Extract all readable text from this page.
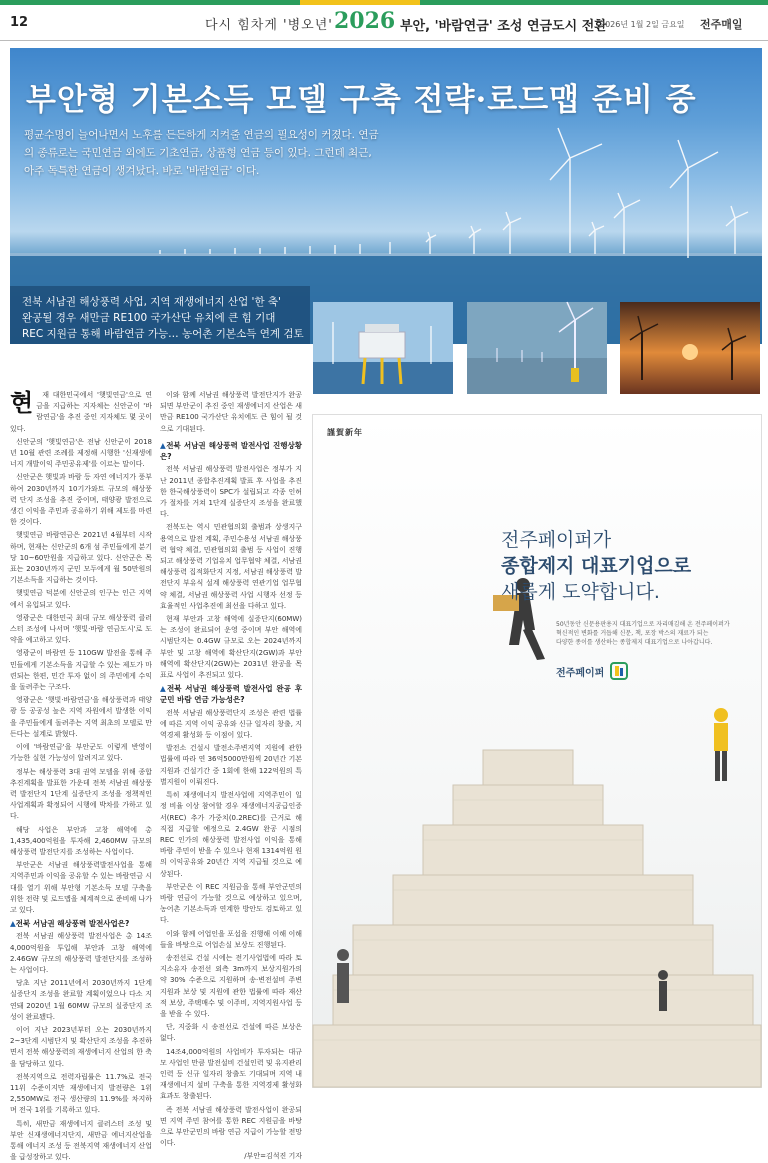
12	다시 힘차게 '병오년' 2026 부안, '바람연금' 조성 연금도시 전환
2026년 1월 2일 금요일 전주매일
부안형 기본소득 모델 구축 전략·로드맵 준비 중

평균수명이 늘어나면서 노후를 든든하게 지켜줄 연금의 필요성이 커졌다. 연금의 종류로는 국민연금 외에도 기초연금, 상품형 연금 등이 있다. 그런데 최근, 아주 독특한 연금이 생겨났다. 바로 '바람연금' 이다.

전북 서남권 해상풍력 사업, 지역 재생에너지 산업 '한 축'
완공될 경우 새만금 RE100 국가산단 유치에 큰 힘 기대
REC 지원금 통해 바람연금 가능… 농어촌 기본소득 연계 검토
현	재 대한민국에서 '햇빛연금'으로 연금을 지급하는 지자체는 신안군이 '바람연금'을 추진 중인 지자체도 몇 곳이 있다.

신안군의 '햇빛연금'은 전남 신안군이 2018년 10월 관련 조례를 제정해 시행한 '신재생에너지 개발이익 주민공유제'를 이르는 말이다.

신안군은 햇빛과 바람 등 자연 에너지가 풍부하여 2030년까지 10기가와트 규모의 해상풍력 단지 조성을 추진 중이며, 태양광 발전으로 생긴 이익을 주민과 공유하기 위해 제도를 마련한 것이다.

햇빛연금 바람연금은 2021년 4월부터 시작하며, 현재는 신안군의 6개 섬 주민들에게 분기당 10~60만원을 지급하고 있다. 신안군은 목표는 2030년까지 군민 모두에게 월 50만원의 기본소득을 지급하는 것이다.

햇빛연금 덕분에 신안군의 인구는 인근 지역에서 유입되고 있다.

영광군은 대한민국 최대 규모 해상풍력 클러스터 조성에 나서며 '햇빛·바람 연금도시'로 도약을 예고하고 있다.

영광군이 바람연 등 110GW 발전을 통해 주민들에게 기본소득을 지급할 수 있는 제도가 마련되는 한편, 민간 투자 없이 의 주민에게 수익을 돌려주는 구조다.

영광군은 '햇빛·바람연금'을 해상풍력과 태양광 등 공공성 높은 지역 자원에서 발생한 이익을 주민들에게 돌려주는 지역 최초의 모델로 만든다는 설계로 밝혔다.

이에 '바람연금'을 부안군도 이렇게 반영이 가능한 실현 가능성이 알려지고 있다.

정부는 해상풍력 3대 권역 모델을 위해 종합추진계획을 발표한 가운데 전북 서남권 해상풍력 발전단지 1단계 실증단지 조성을 정책적인 사업계획과 확정되어 시행에 박차를 가하고 있다.

해당 사업은 부안과 고창 해역에 총 1,435,400억원을 투자해 2,460MW 규모의 해상풍력 발전단지를 조성하는 사업이다.

부안군은 서남권 해상풍력발전사업을 통해 지역주민과 이익을 공유할 수 있는 바람연금 시대를 열기 위해 부안형 기본소득 모델 구축을 위한 전략 및 로드맵을 체계적으로 준비해 나가고 있다.

▲전북 서남권 해상풍력 발전사업은?

전북 서남권 해상풍력 발전사업은 총 14조 4,000억원을 투입해 부안과 고창 해역에 2.46GW 규모의 해상풍력 발전단지를 조성하는 사업이다.

당초 지난 2011년에서 2030년까지 1단계 실증단지 조성을 완료할 계획이었으나 다소 지연돼 2020년 1월 60MW 규모의 실증단지 조성이 완료됐다.

이어 지난 2023년부터 오는 2030년까지 2~3단계 시범단지 및 확산단지 조성을 추진하면서 전북 해상풍력의 재생에너지 산업의 한 축을 담당하고 있다.

전북지역으로 전력자립률은 11.7%로 전국 11위 수준이지만 재생에너지 발전량은 1위 2,550MW로 전국 생산량의 11.9%를 차지하며 전국 1위를 기록하고 있다.

특히, 새만금 재생에너지 클러스터 조성 및 부안 신재생에너지단지, 새만금 에너지산업을 통해 에너지 조성 등 전북지역 재생에너지 산업을 급성장하고 있다.

이와 함께 서남권 해상풍력 발전단지가 완공되면 부안군이 추진 중인 재생에너지 산업은 새만금 RE100 국가산단 유치에도 큰 힘이 될 것으로 기대된다.

▲전북 서남권 해상풍력 발전사업 진행상황은?

전북 서남권 해상풍력 발전사업은 정부가 지난 2011년 종합추진계획 발표 후 사업을 추진한 한국해상풍력이 SPC가 설립되고 각종 인허가 절차를 거쳐 1단계 실증단지 조성을 완료했다.

전북도는 역시 민관협의회 출범과 상생지구 용역으로 발전 계획, 주민수용성 서남권 해상풍력 협약 체결, 민관협의회 출범 등 사업이 진행되고 해상풍력 기업유치 업무협약 체결, 서남권 해상풍력 집적화단지 지정, 서남권 해상풍력 발전단지 부유식 설계 해상풍력 연관기업 업무협약 체결, 서남권 해상풍력 사업 시행자 선정 등 효율적인 사업추진에 최선을 다하고 있다.

현재 부안과 고창 해역에 실증단지(60MW)는 조성이 완료되어 운영 중이며 부안 해역에 시범단지는 0.4GW 규모로 오는 2024년까지 부안 및 고창 해역에 확산단지(2GW)과 부안 해역에 확산단지(2GW)는 2031년 완공을 목표로 사업이 추진되고 있다.

▲전북 서남권 해상풍력 발전사업 완공 후 군민 바람 연금 가능성은?

전북 서남권 해상풍력단지 조성은 관련 법률에 따른 지역 이익 공유와 신규 일자리 창출, 지역경제 활성화 등 이점이 있다.

발전소 건설시 발전소주변지역 지원에 관한 법률에 따라 연 36억5000만원씩 20년간 기본지원과 건설기간 중 1회에 한해 122억원의 특별지원이 이뤄진다.

특히 재생에너지 발전사업에 지역주민이 일정 비율 이상 참여할 경우 재생에너지공급인증서(REC) 추가 가중치(0.2REC)를 근거로 해 직접 지급할 예정으로 2.4GW 완공 시점의 REC 인가의 해상풍력 발전사업 이익을 통해 바람 주민이 받을 수 있으나 현재 1314억원 원의 이익공유와 20년간 지역 지급될 것으로 예상된다.

부안군은 이 REC 지원금을 통해 부안군민의 바람 연금이 가능할 것으로 예상하고 있으며, 농어촌 기본소득과 연계한 방안도 검토하고 있다.

이와 함께 어업인을 포섭을 진행해 이해 이해들을 바탕으로 어업손실 보상도 진행된다.

송전선로 건설 시에는 전기사업법에 따라 토지소유자 송전선 외측 3m까지 보상지원가의 약 30% 수준으로 지원하며 송·변전설비 주변지원과 보상 및 지원에 관한 법률에 따라 재산적 보상, 주택매수 및 이주비, 지역지원사업 등을 받을 수 있다.

단, 지중화 시 송전선로 건설에 따른 보상은 없다.

14조4,000억원의 사업비가 투자되는 대규모 사업인 만큼 발전설비 건설인력 및 유지관리인력 등 신규 일자리 창출도 기대되며 지역 내 재생에너지 설비 구축을 통한 지역경제 활성화 효과도 창출된다.

즉 전북 서남권 해상풍력 발전사업이 완공되면 지역 주민 참여를 통한 REC 지원금을 바탕으로 부안군민의 바람 연금 지급이 가능할 전망이다.

/부안=김석진 기자
謹賀新年
전주페이퍼가
종합제지 대표기업으로
새롭게 도약합니다.
50년동안 신문용판용지 대표기업으로 자리매김해 온 전주페이퍼가
혁신적인 변화를 거듭해 신문, 책, 포장 박스의 재료가 되는
다양한 종이를 생산하는 종합제지 대표기업으로 나아갑니다.
전주페이퍼
